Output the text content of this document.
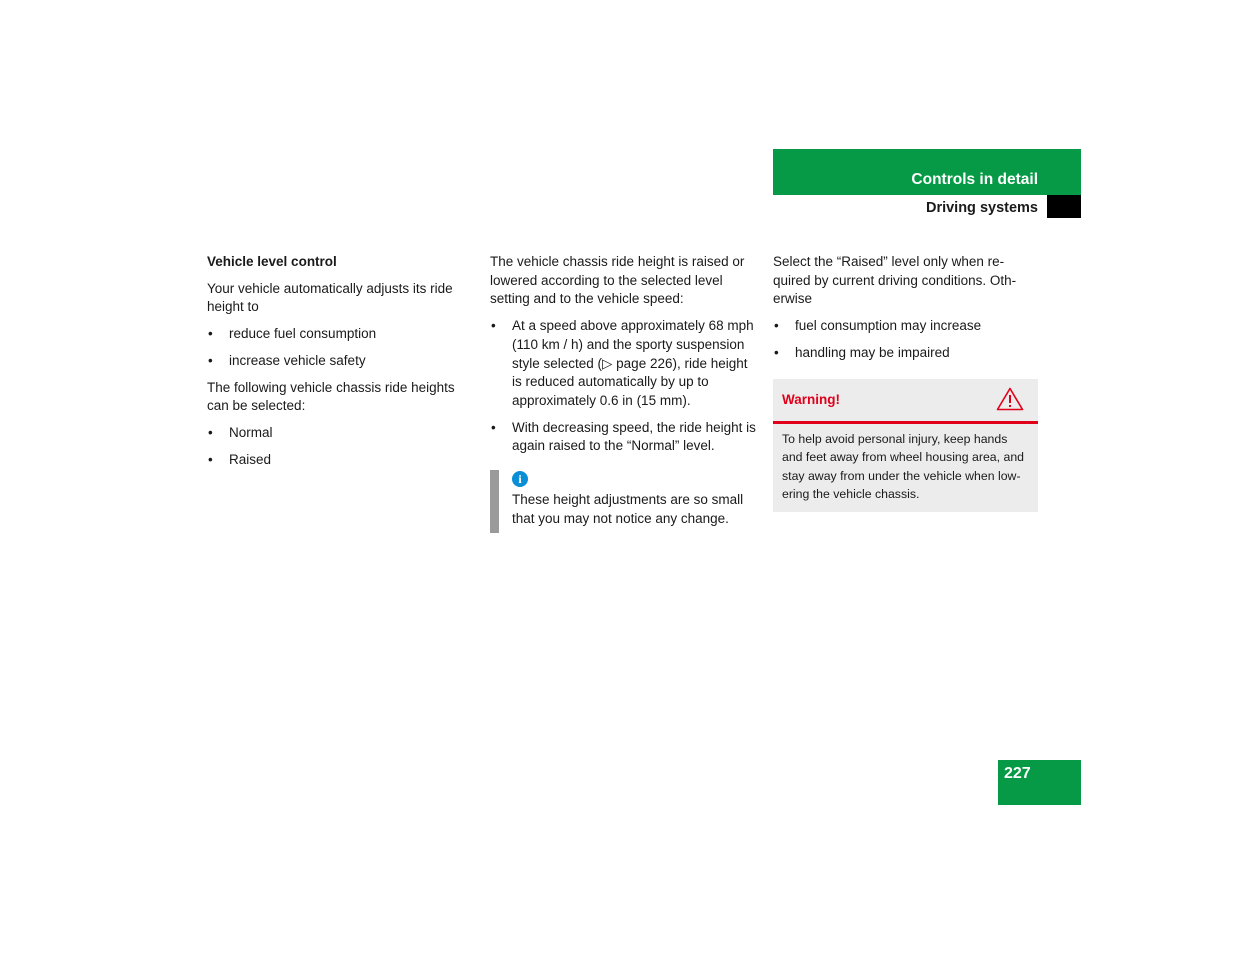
Controls in detail
Driving systems
Vehicle level control

Your vehicle automatically adjusts its ride height to

• reduce fuel consumption
• increase vehicle safety

The following vehicle chassis ride heights can be selected:

• Normal
• Raised

The vehicle chassis ride height is raised or lowered according to the selected level setting and to the vehicle speed:

• At a speed above approximately 68 mph (110 km / h) and the sporty suspension style selected (▷ page 226), ride height is reduced automatically by up to approximately 0.6 in (15 mm).
• With decreasing speed, the ride height is again raised to the “Normal” level.
i
These height adjustments are so small that you may not notice any change.

Select the “Raised” level only when re-quired by current driving conditions. Oth-erwise

• fuel consumption may increase
• handling may be impaired
Warning!
To help avoid personal injury, keep hands and feet away from wheel housing area, and stay away from under the vehicle when low-ering the vehicle chassis.
227
